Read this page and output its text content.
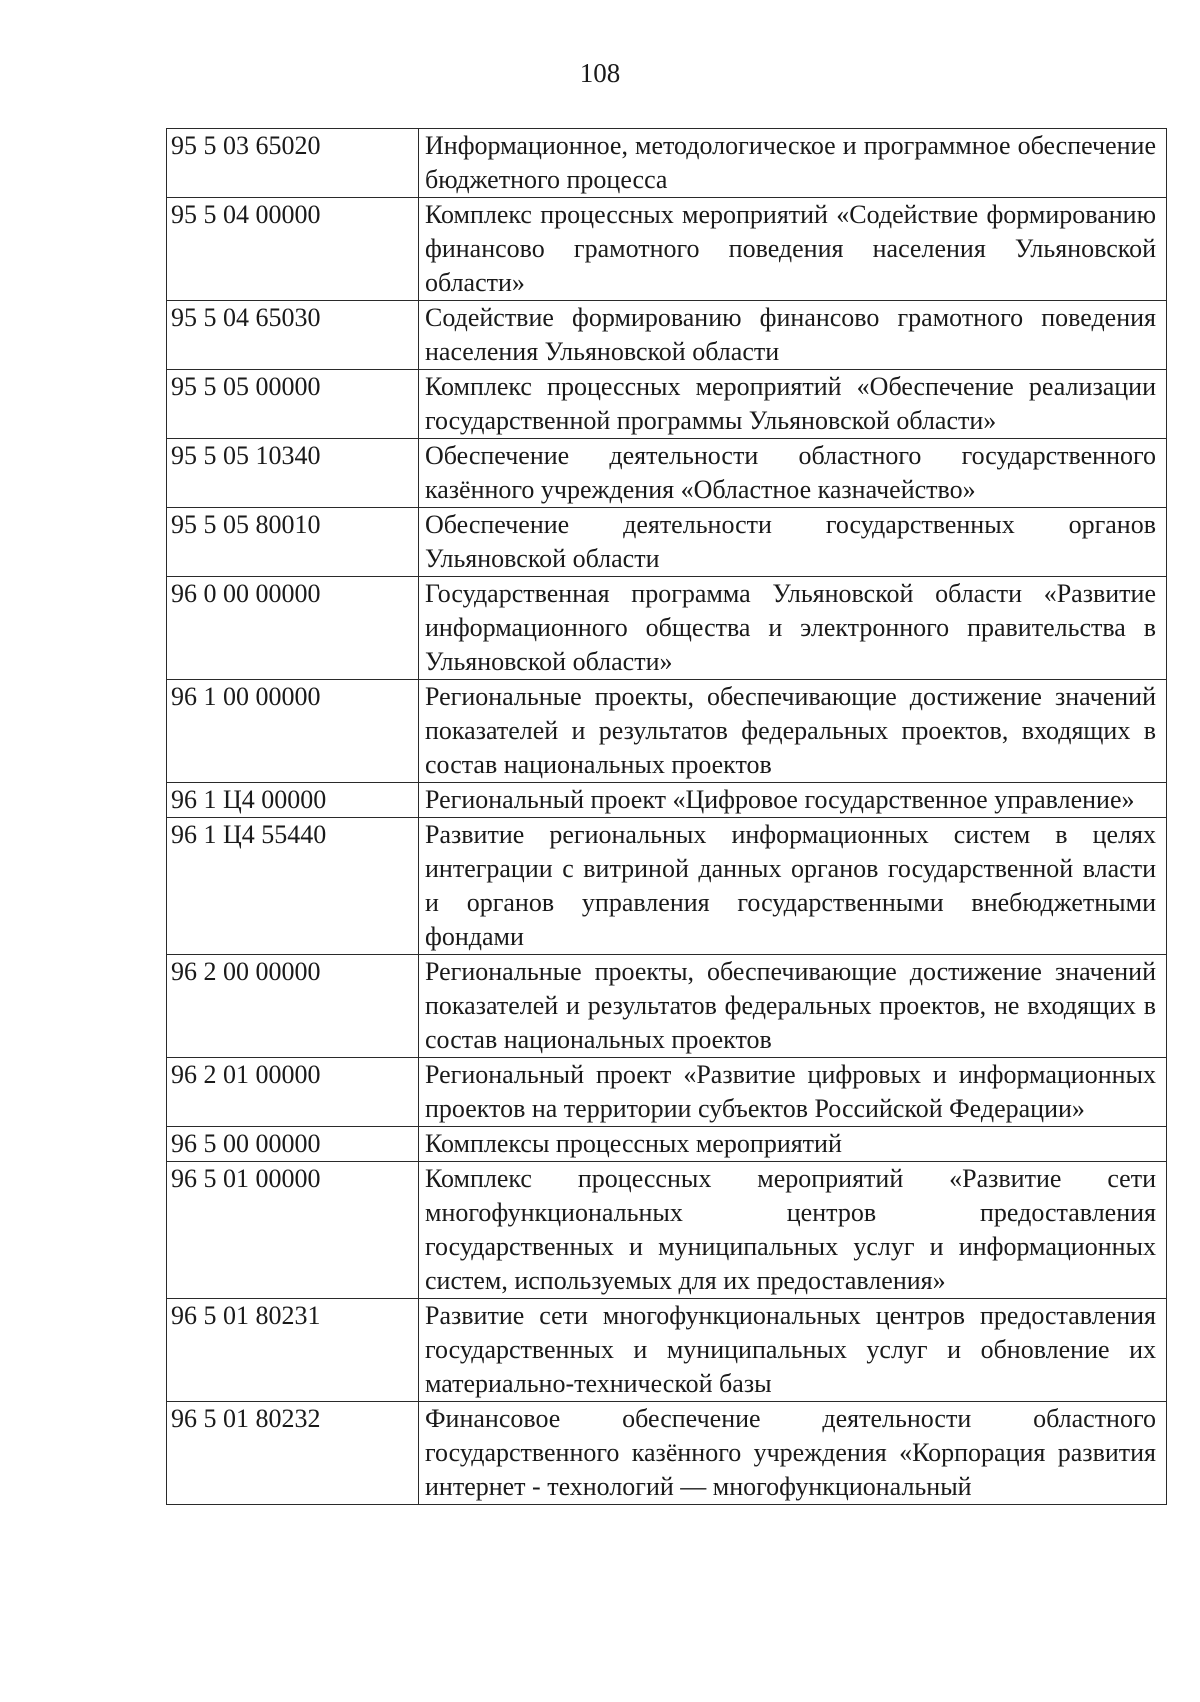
108
95 5 03 65020	Информационное, методологическое и программное обеспечение бюджетного процесса
95 5 04 00000	Комплекс процессных мероприятий «Содействие формированию финансово грамотного поведения населения Ульяновской области»
95 5 04 65030	Содействие формированию финансово грамотного поведения населения Ульяновской области
95 5 05 00000	Комплекс процессных мероприятий «Обеспечение реализации государственной программы Ульяновской области»
95 5 05 10340	Обеспечение деятельности областного государственного казённого учреждения «Областное казначейство»
95 5 05 80010	Обеспечение деятельности государственных органов Ульяновской области
96 0 00 00000	Государственная программа Ульяновской области «Развитие информационного общества и электронного правительства в Ульяновской области»
96 1 00 00000	Региональные проекты, обеспечивающие достижение значений показателей и результатов федеральных проектов, входящих в состав национальных проектов
96 1 Ц4 00000	Региональный проект «Цифровое государственное управление»
96 1 Ц4 55440	Развитие региональных информационных систем в целях интеграции с витриной данных органов государственной власти и органов управления государственными внебюджетными фондами
96 2 00 00000	Региональные проекты, обеспечивающие достижение значений показателей и результатов федеральных проектов, не входящих в состав национальных проектов
96 2 01 00000	Региональный проект «Развитие цифровых и информационных проектов на территории субъектов Российской Федерации»
96 5 00 00000	Комплексы процессных мероприятий
96 5 01 00000	Комплекс процессных мероприятий «Развитие сети многофункциональных центров предоставления государственных и муниципальных услуг и информационных систем, используемых для их предоставления»
96 5 01 80231	Развитие сети многофункциональных центров предоставления государственных и муниципальных услуг и обновление их материально-технической базы
96 5 01 80232	Финансовое обеспечение деятельности областного государственного казённого учреждения «Корпорация развития интернет - технологий — многофункциональный
